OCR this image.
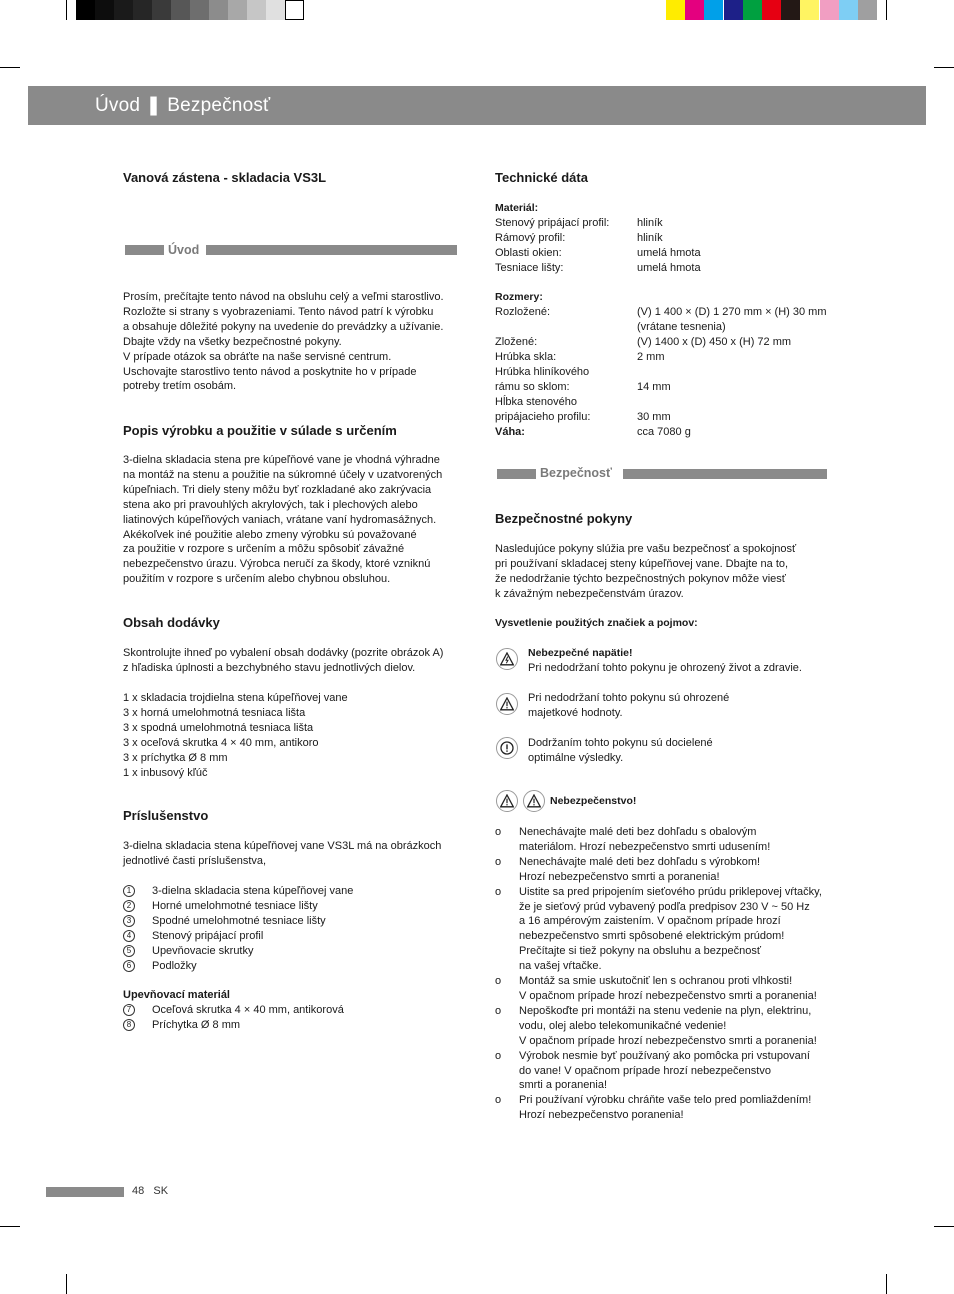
Úvod ❚ Bezpečnosť
Vanová zástena - skladacia VS3L
Úvod
Prosím, prečítajte tento návod na obsluhu celý a veľmi starostlivo.
Rozložte si strany s vyobrazeniami. Tento návod patrí k výrobku
a obsahuje dôležité pokyny na uvedenie do prevádzky a užívanie.
Dbajte vždy na všetky bezpečnostné pokyny.
V prípade otázok sa obráťte na naše servisné centrum.
Uschovajte starostlivo tento návod a poskytnite ho v prípade
potreby tretím osobám.
Popis výrobku a použitie v súlade s určením
3-dielna skladacia stena pre kúpeľňové vane je vhodná výhradne
na montáž na stenu a použitie na súkromné účely v uzatvorených
kúpeľniach. Tri diely steny môžu byť rozkladané ako zakrývacia
stena ako pri pravouhlých akrylových, tak i plechových alebo
liatinových kúpeľňových vaniach, vrátane vaní hydromasážnych.
Akékoľvek iné použitie alebo zmeny výrobku sú považované
za použitie v rozpore s určením a môžu spôsobiť závažné
nebezpečenstvo úrazu. Výrobca neručí za škody, ktoré vzniknú
použitím v rozpore s určením alebo chybnou obsluhou.
Obsah dodávky
Skontrolujte ihneď po vybalení obsah dodávky (pozrite obrázok A)
z hľadiska úplnosti a bezchybného stavu jednotlivých dielov.
1 x skladacia trojdielna stena kúpeľňovej vane
3 x horná umelohmotná tesniaca lišta
3 x spodná umelohmotná tesniaca lišta
3 x oceľová skrutka 4 × 40 mm, antikoro
3 x príchytka Ø 8 mm
1 x inbusový kľúč
Príslušenstvo
3-dielna skladacia stena kúpeľňovej vane VS3L má na obrázkoch
jednotlivé časti príslušenstva,
1	3-dielna skladacia stena kúpeľňovej vane
2	Horné umelohmotné tesniace lišty
3	Spodné umelohmotné tesniace lišty
4	Stenový pripájací profil
5	Upevňovacie skrutky
6	Podložky
Upevňovací materiál
7	Oceľová skrutka 4 × 40 mm, antikorová
8	Príchytka Ø 8 mm
Technické dáta
Materiál:
Stenový pripájací profil:	hliník
Rámový profil:	hliník
Oblasti okien:	umelá hmota
Tesniace lišty:	umelá hmota
Rozmery:
Rozložené:	(V) 1 400 × (D) 1 270 mm × (H) 30 mm
(vrátane tesnenia)
Zložené:	(V) 1400 x (D) 450 x (H) 72 mm
Hrúbka skla:	2 mm
Hrúbka hliníkového
rámu so sklom:	14 mm
Hĺbka stenového
pripájacieho profilu:	30 mm
Váha:	cca 7080 g
Bezpečnosť
Bezpečnostné pokyny
Nasledujúce pokyny slúžia pre vašu bezpečnosť a spokojnosť
pri používaní skladacej steny kúpeľňovej vane. Dbajte na to,
že nedodržanie týchto bezpečnostných pokynov môže viesť
k závažným nebezpečenstvám úrazov.
Vysvetlenie použitých značiek a pojmov:
Nebezpečné napätie!
Pri nedodržaní tohto pokynu je ohrozený život a zdravie.
Pri nedodržaní tohto pokynu sú ohrozené
majetkové hodnoty.
Dodržaním tohto pokynu sú docielené
optimálne výsledky.
Nebezpečenstvo!
o Nenechávajte malé deti bez dohľadu s obalovým
materiálom. Hrozí nebezpečenstvo smrti udusením!
o Nenechávajte malé deti bez dohľadu s výrobkom!
Hrozí nebezpečenstvo smrti a poranenia!
o Uistite sa pred pripojením sieťového prúdu priklepovej vŕtačky,
že je sieťový prúd vybavený podľa predpisov 230 V ~ 50 Hz
a 16 ampérovým zaistením. V opačnom prípade hrozí
nebezpečenstvo smrti spôsobené elektrickým prúdom!
Prečítajte si tiež pokyny na obsluhu a bezpečnosť
na vašej vŕtačke.
o Montáž sa smie uskutočniť len s ochranou proti vlhkosti!
V opačnom prípade hrozí nebezpečenstvo smrti a poranenia!
o Nepoškoďte pri montáži na stenu vedenie na plyn, elektrinu,
vodu, olej alebo telekomunikačné vedenie!
V opačnom prípade hrozí nebezpečenstvo smrti a poranenia!
o Výrobok nesmie byť používaný ako pomôcka pri vstupovaní
do vane! V opačnom prípade hrozí nebezpečenstvo
smrti a poranenia!
o Pri používaní výrobku chráňte vaše telo pred pomliaždením!
Hrozí nebezpečenstvo poranenia!
48 SK
